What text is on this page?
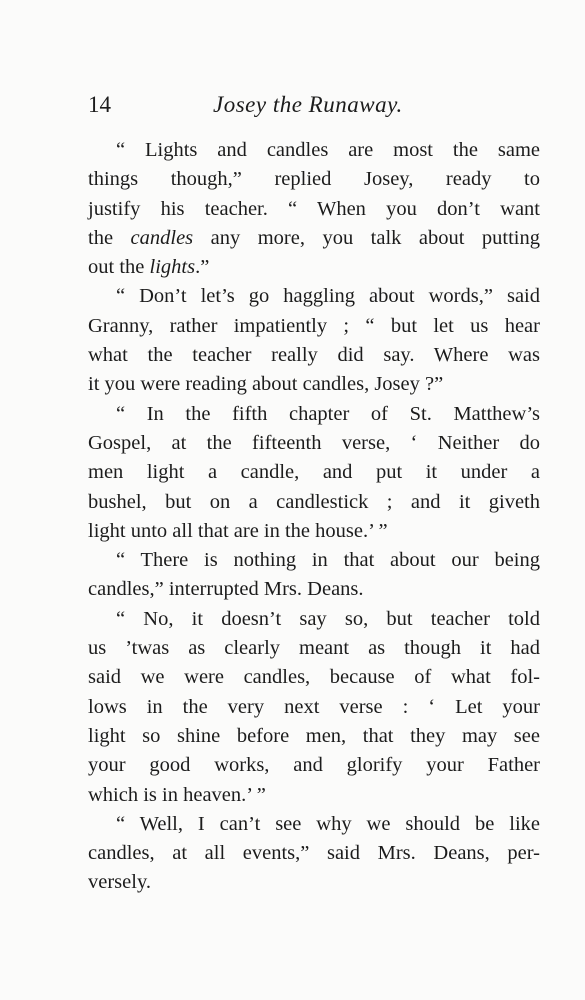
14	Josey the Runaway.
“ Lights and candles are most the same
things though,” replied Josey, ready to
justify his teacher. “ When you don’t want
the candles any more, you talk about putting
out the lights.”
“ Don’t let’s go haggling about words,” said
Granny, rather impatiently ; “ but let us hear
what the teacher really did say. Where was
it you were reading about candles, Josey ?”
“ In the fifth chapter of St. Matthew’s
Gospel, at the fifteenth verse, ‘ Neither do
men light a candle, and put it under a
bushel, but on a candlestick ; and it giveth
light unto all that are in the house.’ ”
“ There is nothing in that about our being
candles,” interrupted Mrs. Deans.
“ No, it doesn’t say so, but teacher told
us ’twas as clearly meant as though it had
said we were candles, because of what fol-
lows in the very next verse : ‘ Let your
light so shine before men, that they may see
your good works, and glorify your Father
which is in heaven.’ ”
“ Well, I can’t see why we should be like
candles, at all events,” said Mrs. Deans, per-
versely.
